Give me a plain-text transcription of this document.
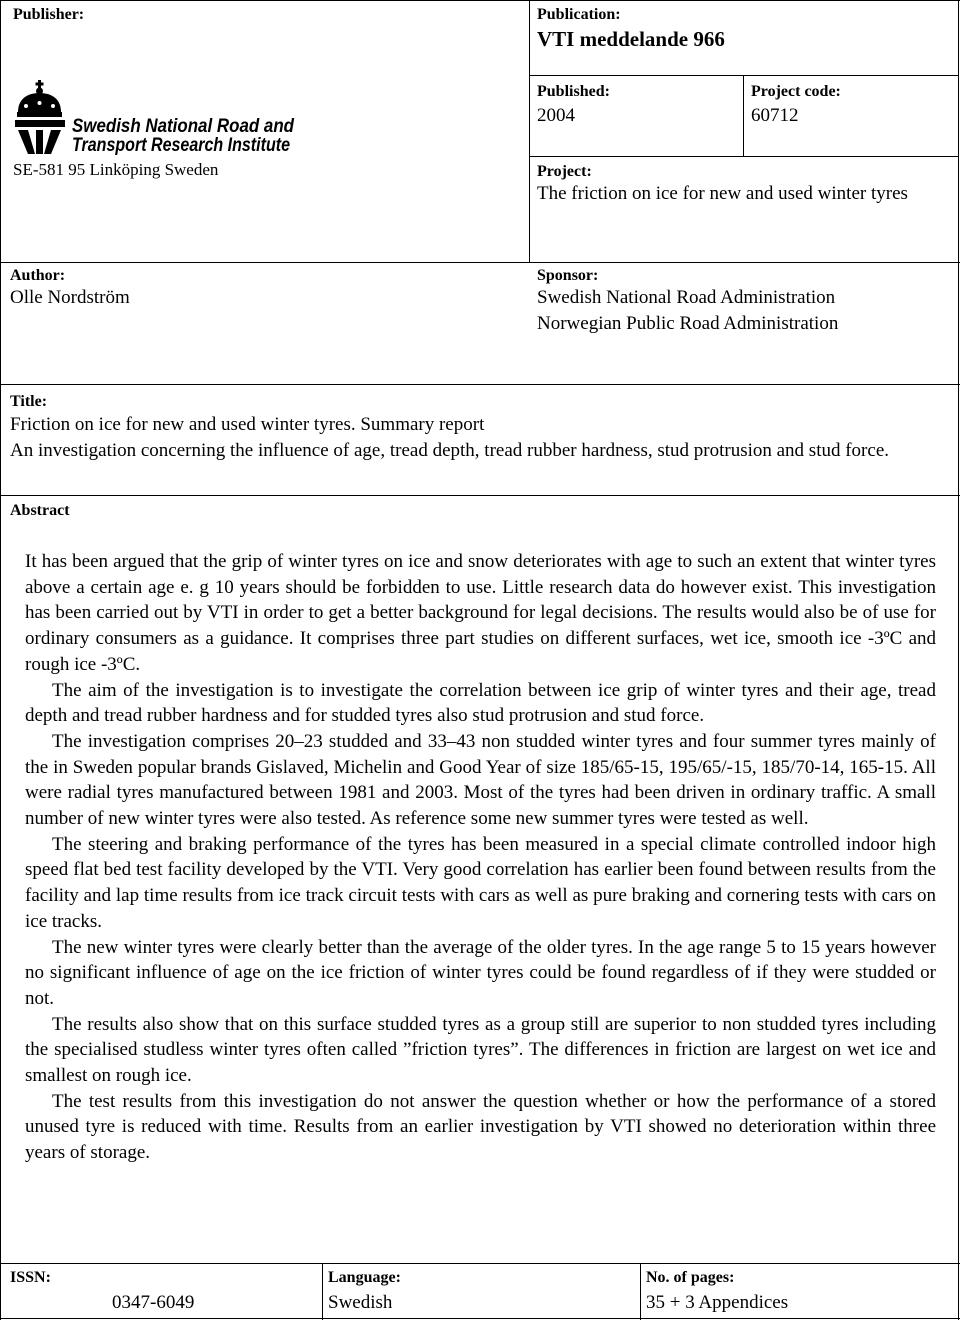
Publisher:
Swedish National Road and
Transport Research Institute
SE-581 95 Linköping Sweden
Publication:
VTI meddelande 966
Published:
2004
Project code:
60712
Project:
The friction on ice for new and used winter tyres
Author:
Olle Nordström
Sponsor:
Swedish National Road Administration
Norwegian Public Road Administration
Title:
Friction on ice for new and used winter tyres. Summary report
An investigation concerning the influence of age, tread depth, tread rubber hardness, stud protrusion and stud force.
Abstract

It has been argued that the grip of winter tyres on ice and snow deteriorates with age to such an extent that winter tyres above a certain age e. g 10 years should be forbidden to use. Little research data do however exist. This investigation has been carried out by VTI in order to get a better background for legal decisions. The results would also be of use for ordinary consumers as a guidance. It comprises three part studies on different surfaces, wet ice, smooth ice -3ºC and rough ice -3ºC.

The aim of the investigation is to investigate the correlation between ice grip of winter tyres and their age, tread depth and tread rubber hardness and for studded tyres also stud protrusion and stud force.

The investigation comprises 20–23 studded and 33–43 non studded winter tyres and four summer tyres mainly of the in Sweden popular brands Gislaved, Michelin and Good Year of size 185/65-15, 195/65/-15, 185/70-14, 165-15. All were radial tyres manufactured between 1981 and 2003. Most of the tyres had been driven in ordinary traffic. A small number of new winter tyres were also tested. As reference some new summer tyres were tested as well.

The steering and braking performance of the tyres has been measured in a special climate controlled indoor high speed flat bed test facility developed by the VTI. Very good correlation has earlier been found between results from the facility and lap time results from ice track circuit tests with cars as well as pure braking and cornering tests with cars on ice tracks.

The new winter tyres were clearly better than the average of the older tyres. In the age range 5 to 15 years however no significant influence of age on the ice friction of winter tyres could be found regardless of if they were studded or not.

The results also show that on this surface studded tyres as a group still are superior to non studded tyres including the specialised studless winter tyres often called ”friction tyres”. The differences in friction are largest on wet ice and smallest on rough ice.

The test results from this investigation do not answer the question whether or how the performance of a stored unused tyre is reduced with time. Results from an earlier investigation by VTI showed no deterioration within three years of storage.

ISSN:
0347-6049
Language:
Swedish
No. of pages:
35 + 3 Appendices
